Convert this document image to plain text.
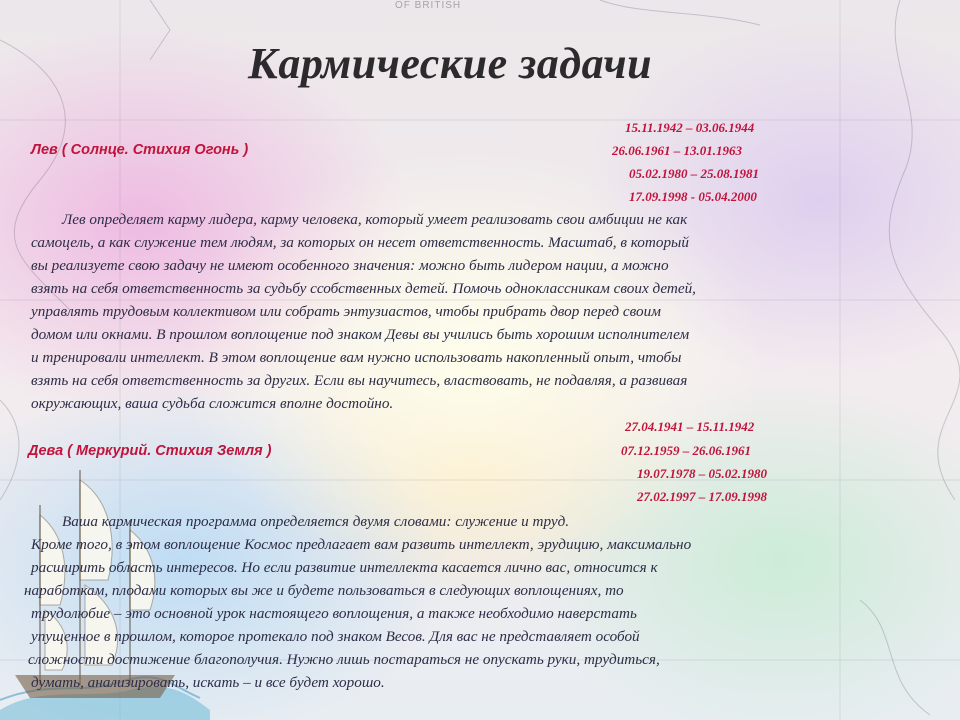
OF BRITISH
Кармические задачи
Лев ( Солнце. Стихия Огонь )
15.11.1942 – 03.06.1944
26.06.1961 – 13.01.1963
05.02.1980 – 25.08.1981
17.09.1998 - 05.04.2000
Лев определяет карму лидера, карму человека, который умеет реализовать свои амбиции не как
самоцель, а как служение тем людям, за которых он несет ответственность. Масштаб, в который
вы реализуете свою задачу не имеют особенного значения: можно быть лидером нации, а можно
взять на себя ответственность за судьбу ссобственных детей. Помочь одноклассникам своих детей,
управлять трудовым коллективом или собрать энтузиастов, чтобы прибрать двор перед своим
домом или окнами. В прошлом воплощение под знаком Девы вы учились быть хорошим исполнителем
и тренировали интеллект. В этом воплощение вам нужно использовать накопленный опыт, чтобы
взять на себя ответственность за других. Если вы научитесь, властвовать, не подавляя, а развивая
окружающих, ваша судьба сложится вполне достойно.
Дева ( Меркурий. Стихия Земля )
27.04.1941 – 15.11.1942
07.12.1959 – 26.06.1961
19.07.1978 – 05.02.1980
27.02.1997 – 17.09.1998
Ваша кармическая программа определяется двумя словами: служение и труд.
Кроме того, в этом воплощение Космос предлагает вам развить интеллект, эрудицию, максимально
расширить область интересов. Но если развитие интеллекта касается лично вас, относится к
наработкам, плодами которых вы же и будете пользоваться в следующих воплощениях, то
трудолюбие – это основной урок настоящего воплощения, а также необходимо наверстать
упущенное в прошлом, которое протекало под знаком Весов. Для вас не представляет особой
сложности достижение благополучия. Нужно лишь постараться не опускать руки, трудиться,
думать, анализировать, искать – и все будет хорошо.
